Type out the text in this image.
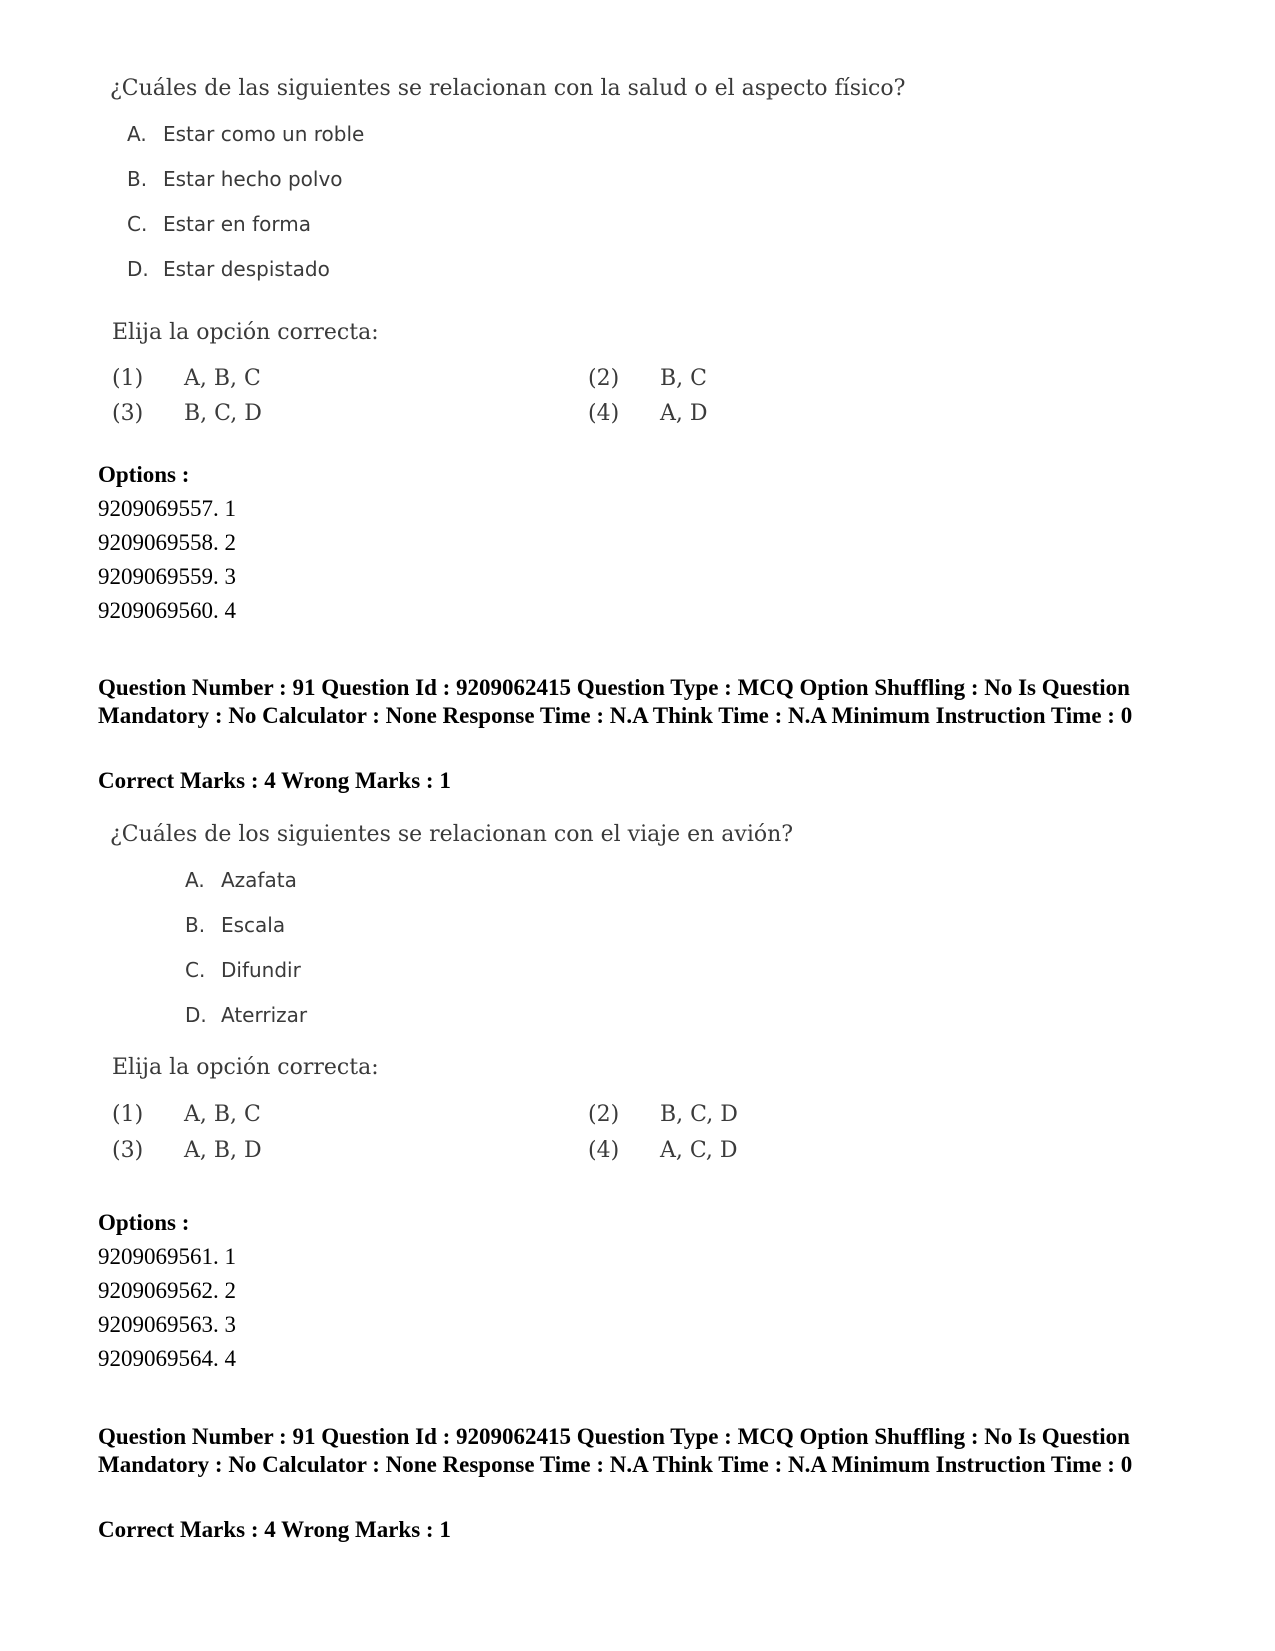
¿Cuáles de las siguientes se relacionan con la salud o el aspecto físico?
A. Estar como un roble
B. Estar hecho polvo
C. Estar en forma
D. Estar despistado
Elija la opción correcta:
(1) A, B, C	(2) B, C
(3) B, C, D	(4) A, D
Options :
9209069557. 1
9209069558. 2
9209069559. 3
9209069560. 4
Question Number : 91 Question Id : 9209062415 Question Type : MCQ Option Shuffling : No Is Question Mandatory : No Calculator : None Response Time : N.A Think Time : N.A Minimum Instruction Time : 0
Correct Marks : 4 Wrong Marks : 1
¿Cuáles de los siguientes se relacionan con el viaje en avión?
A. Azafata
B. Escala
C. Difundir
D. Aterrizar
Elija la opción correcta:
(1) A, B, C	(2) B, C, D
(3) A, B, D	(4) A, C, D
Options :
9209069561. 1
9209069562. 2
9209069563. 3
9209069564. 4
Question Number : 91 Question Id : 9209062415 Question Type : MCQ Option Shuffling : No Is Question Mandatory : No Calculator : None Response Time : N.A Think Time : N.A Minimum Instruction Time : 0
Correct Marks : 4 Wrong Marks : 1
